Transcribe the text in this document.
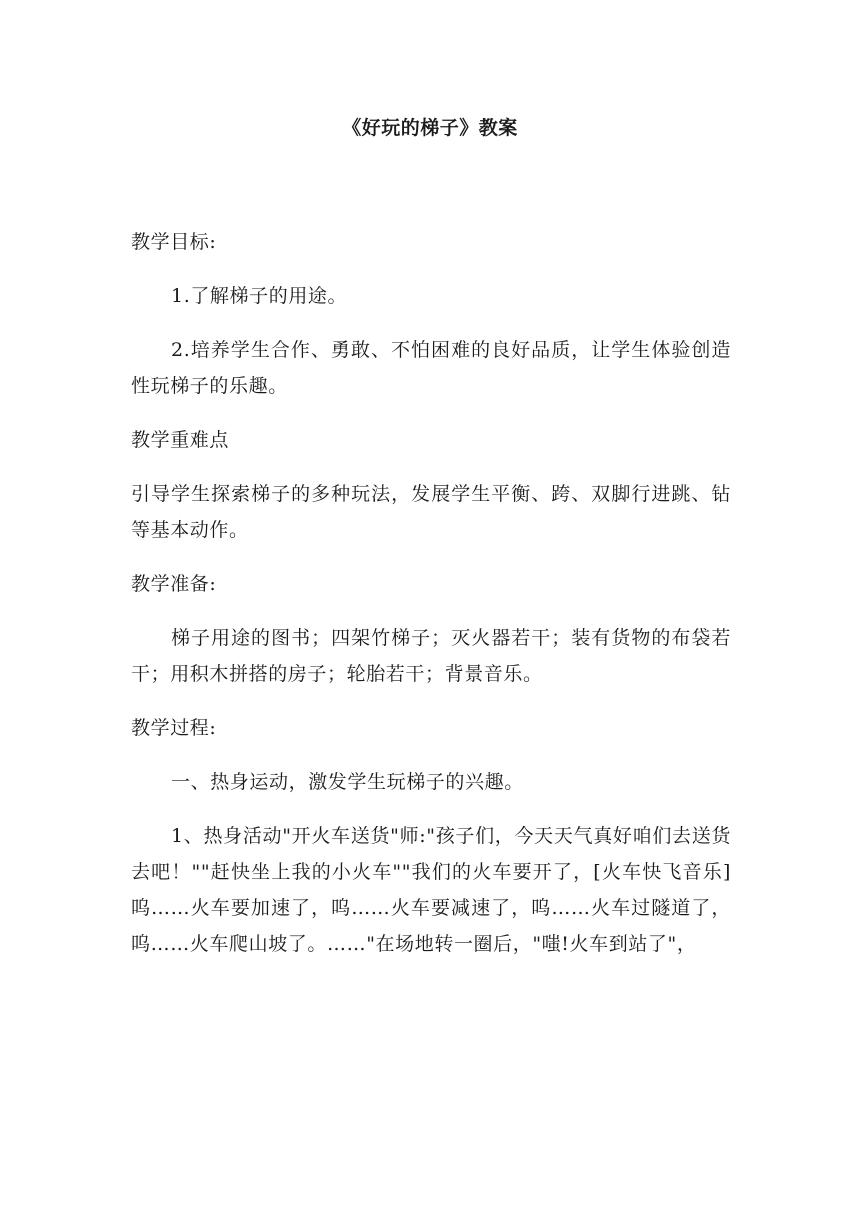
《好玩的梯子》教案

教学目标:

1.了解梯子的用途。

2.培养学生合作、勇敢、不怕困难的良好品质，让学生体验创造性玩梯子的乐趣。

教学重难点

引导学生探索梯子的多种玩法，发展学生平衡、跨、双脚行进跳、钻等基本动作。

教学准备:

梯子用途的图书；四架竹梯子；灭火器若干；装有货物的布袋若干；用积木拼搭的房子；轮胎若干；背景音乐。

教学过程:

一、热身运动，激发学生玩梯子的兴趣。

1、热身活动"开火车送货"师:"孩子们，今天天气真好咱们去送货去吧！""赶快坐上我的小火车""我们的火车要开了，[火车快飞音乐]呜……火车要加速了，呜……火车要减速了，呜……火车过隧道了，呜……火车爬山坡了。……"在场地转一圈后，"嗤!火车到站了"，
